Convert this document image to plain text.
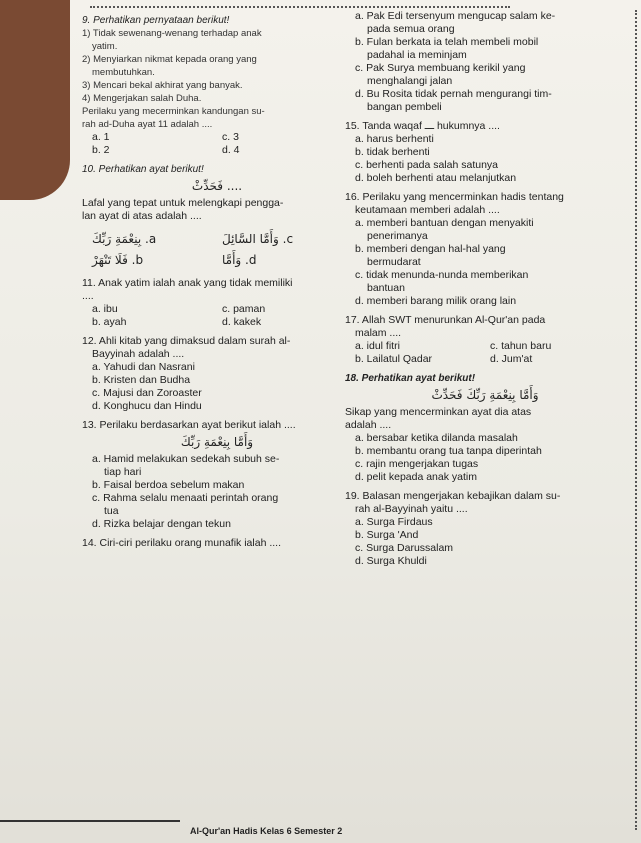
9. Perhatikan pernyataan berikut!
1) Tidak sewenang-wenang terhadap anak
yatim.
2) Menyiarkan nikmat kepada orang yang
membutuhkan.
3) Mencari bekal akhirat yang banyak.
4) Mengerjakan salah Duha.
Perilaku yang mecerminkan kandungan su-
rah ad-Duha ayat 11 adalah ....
a. 1	c. 3
b. 2	d. 4
10. Perhatikan ayat berikut!
.... فَحَدِّثْ
Lafal yang tepat untuk melengkapi pengga-
lan ayat di atas adalah ....
a. بِنِعْمَةِ رَبِّكَ	c. وَأَمَّا السَّائِلَ
b. فَلَا تَنْهَرْ	d. وَأَمَّا
11. Anak yatim ialah anak yang tidak memiliki
....
a. ibu	c. paman
b. ayah	d. kakek
12. Ahli kitab yang dimaksud dalam surah al-
Bayyinah adalah ....
a. Yahudi dan Nasrani
b. Kristen dan Budha
c. Majusi dan Zoroaster
d. Konghucu dan Hindu
13. Perilaku berdasarkan ayat berikut ialah ....
وَأَمَّا بِنِعْمَةِ رَبِّكَ
a. Hamid melakukan sedekah subuh se-
tiap hari
b. Faisal berdoa sebelum makan
c. Rahma selalu menaati perintah orang
tua
d. Rizka belajar dengan tekun
14. Ciri-ciri perilaku orang munafik ialah ....
a. Pak Edi tersenyum mengucap salam ke-
pada semua orang
b. Fulan berkata ia telah membeli mobil
padahal ia meminjam
c. Pak Surya membuang kerikil yang
menghalangi jalan
d. Bu Rosita tidak pernah mengurangi tim-
bangan pembeli
15. Tanda waqaf ـــ hukumnya ....
a. harus berhenti
b. tidak berhenti
c. berhenti pada salah satunya
d. boleh berhenti atau melanjutkan
16. Perilaku yang mencerminkan hadis tentang
keutamaan memberi adalah ....
a. memberi bantuan dengan menyakiti
penerimanya
b. memberi dengan hal-hal yang
bermudarat
c. tidak menunda-nunda memberikan
bantuan
d. memberi barang milik orang lain
17. Allah SWT menurunkan Al-Qur'an pada
malam ....
a. idul fitri	c. tahun baru
b. Lailatul Qadar	d. Jum'at
18. Perhatikan ayat berikut!
وَأَمَّا بِنِعْمَةِ رَبِّكَ فَحَدِّثْ
Sikap yang mencerminkan ayat dia atas
adalah ....
a. bersabar ketika dilanda masalah
b. membantu orang tua tanpa diperintah
c. rajin mengerjakan tugas
d. pelit kepada anak yatim
19. Balasan mengerjakan kebajikan dalam su-
rah al-Bayyinah yaitu ....
a. Surga Firdaus
b. Surga 'And
c. Surga Darussalam
d. Surga Khuldi
Al-Qur'an Hadis Kelas 6 Semester 2
